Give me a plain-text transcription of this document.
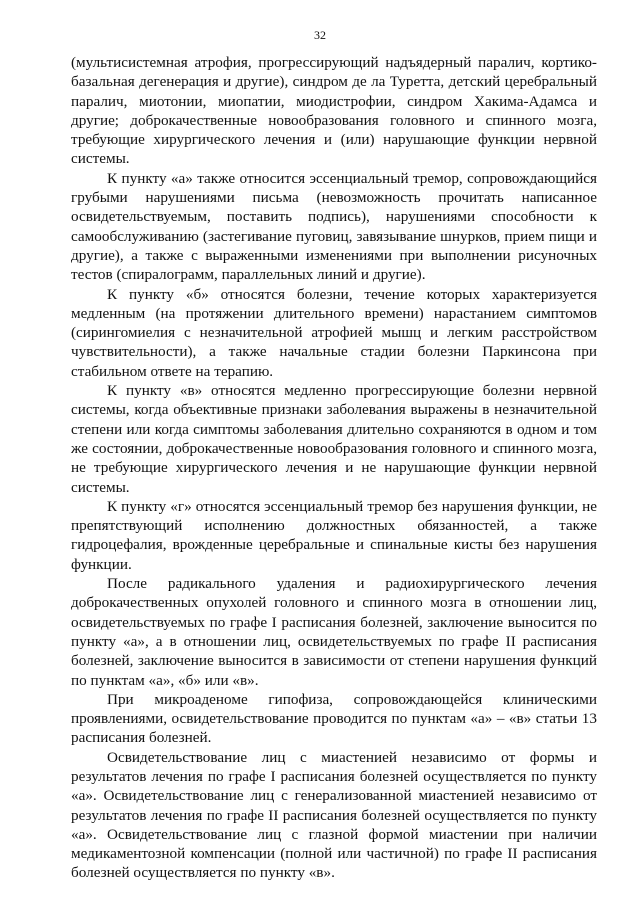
32

(мультисистемная атрофия, прогрессирующий надъядерный паралич, кортико-базальная дегенерация и другие), синдром де ла Туретта, детский церебральный паралич, миотонии, миопатии, миодистрофии, синдром Хакима-Адамса и другие; доброкачественные новообразования головного и спинного мозга, требующие хирургического лечения и (или) нарушающие функции нервной системы.

К пункту «а» также относится эссенциальный тремор, сопровождающийся грубыми нарушениями письма (невозможность прочитать написанное освидетельствуемым, поставить подпись), нарушениями способности к самообслуживанию (застегивание пуговиц, завязывание шнурков, прием пищи и другие), а также с выраженными изменениями при выполнении рисуночных тестов (спиралограмм, параллельных линий и другие).

К пункту «б» относятся болезни, течение которых характеризуется медленным (на протяжении длительного времени) нарастанием симптомов (сирингомиелия с незначительной атрофией мышц и легким расстройством чувствительности), а также начальные стадии болезни Паркинсона при стабильном ответе на терапию.

К пункту «в» относятся медленно прогрессирующие болезни нервной системы, когда объективные признаки заболевания выражены в незначительной степени или когда симптомы заболевания длительно сохраняются в одном и том же состоянии, доброкачественные новообразования головного и спинного мозга, не требующие хирургического лечения и не нарушающие функции нервной системы.

К пункту «г» относятся эссенциальный тремор без нарушения функции, не препятствующий исполнению должностных обязанностей, а также гидроцефалия, врожденные церебральные и спинальные кисты без нарушения функции.

После радикального удаления и радиохирургического лечения доброкачественных опухолей головного и спинного мозга в отношении лиц, освидетельствуемых по графе I расписания болезней, заключение выносится по пункту «а», а в отношении лиц, освидетельствуемых по графе II расписания болезней, заключение выносится в зависимости от степени нарушения функций по пунктам «а», «б» или «в».

При микроаденоме гипофиза, сопровождающейся клиническими проявлениями, освидетельствование проводится по пунктам «а» – «в» статьи 13 расписания болезней.

Освидетельствование лиц с миастенией независимо от формы и результатов лечения по графе I расписания болезней осуществляется по пункту «а». Освидетельствование лиц с генерализованной миастенией независимо от результатов лечения по графе II расписания болезней осуществляется по пункту «а». Освидетельствование лиц с глазной формой миастении при наличии медикаментозной компенсации (полной или частичной) по графе II расписания болезней осуществляется по пункту «в».
